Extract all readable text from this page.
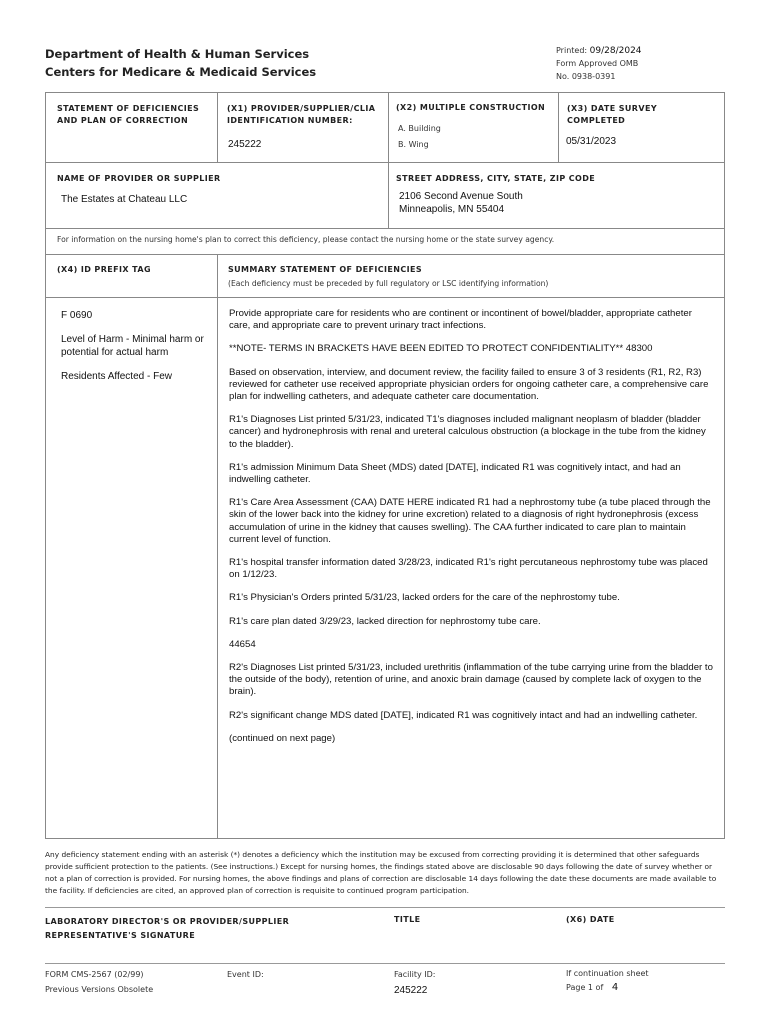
Department of Health & Human Services
Centers for Medicare & Medicaid Services
Printed: 09/28/2024
Form Approved OMB
No. 0938-0391
STATEMENT OF DEFICIENCIES AND PLAN OF CORRECTION
(X1) PROVIDER/SUPPLIER/CLIA IDENTIFICATION NUMBER:
245222
(X2) MULTIPLE CONSTRUCTION
A. Building
B. Wing
(X3) DATE SURVEY COMPLETED
05/31/2023
NAME OF PROVIDER OR SUPPLIER
The Estates at Chateau LLC
STREET ADDRESS, CITY, STATE, ZIP CODE
2106 Second Avenue South
Minneapolis, MN 55404
For information on the nursing home's plan to correct this deficiency, please contact the nursing home or the state survey agency.
(X4) ID PREFIX TAG	SUMMARY STATEMENT OF DEFICIENCIES
(Each deficiency must be preceded by full regulatory or LSC identifying information)
F 0690
Level of Harm - Minimal harm or potential for actual harm
Residents Affected - Few

Provide appropriate care for residents who are continent or incontinent of bowel/bladder, appropriate catheter care, and appropriate care to prevent urinary tract infections.

**NOTE- TERMS IN BRACKETS HAVE BEEN EDITED TO PROTECT CONFIDENTIALITY** 48300

Based on observation, interview, and document review, the facility failed to ensure 3 of 3 residents (R1, R2, R3) reviewed for catheter use received appropriate physician orders for ongoing catheter care, a comprehensive care plan for indwelling catheters, and adequate catheter care documentation.

R1's Diagnoses List printed 5/31/23, indicated T1's diagnoses included malignant neoplasm of bladder (bladder cancer) and hydronephrosis with renal and ureteral calculous obstruction (a blockage in the tube from the kidney to the bladder).

R1's admission Minimum Data Sheet (MDS) dated [DATE], indicated R1 was cognitively intact, and had an indwelling catheter.

R1's Care Area Assessment (CAA) DATE HERE indicated R1 had a nephrostomy tube (a tube placed through the skin of the lower back into the kidney for urine excretion) related to a diagnosis of right hydronephrosis (excess accumulation of urine in the kidney that causes swelling). The CAA further indicated to care plan to maintain current level of function.

R1's hospital transfer information dated 3/28/23, indicated R1's right percutaneous nephrostomy tube was placed on 1/12/23.

R1's Physician's Orders printed 5/31/23, lacked orders for the care of the nephrostomy tube.

R1's care plan dated 3/29/23, lacked direction for nephrostomy tube care.

44654

R2's Diagnoses List printed 5/31/23, included urethritis (inflammation of the tube carrying urine from the bladder to the outside of the body), retention of urine, and anoxic brain damage (caused by complete lack of oxygen to the brain).

R2's significant change MDS dated [DATE], indicated R1 was cognitively intact and had an indwelling catheter.

(continued on next page)

Any deficiency statement ending with an asterisk (*) denotes a deficiency which the institution may be excused from correcting providing it is determined that other safeguards provide sufficient protection to the patients. (See instructions.) Except for nursing homes, the findings stated above are disclosable 90 days following the date of survey whether or not a plan of correction is provided. For nursing homes, the above findings and plans of correction are disclosable 14 days following the date these documents are made available to the facility. If deficiencies are cited, an approved plan of correction is requisite to continued program participation.
LABORATORY DIRECTOR'S OR PROVIDER/SUPPLIER REPRESENTATIVE'S SIGNATURE
TITLE	(X6) DATE
FORM CMS-2567 (02/99)
Previous Versions Obsolete
Event ID:	Facility ID:
245222
If continuation sheet
Page 1 of 4
